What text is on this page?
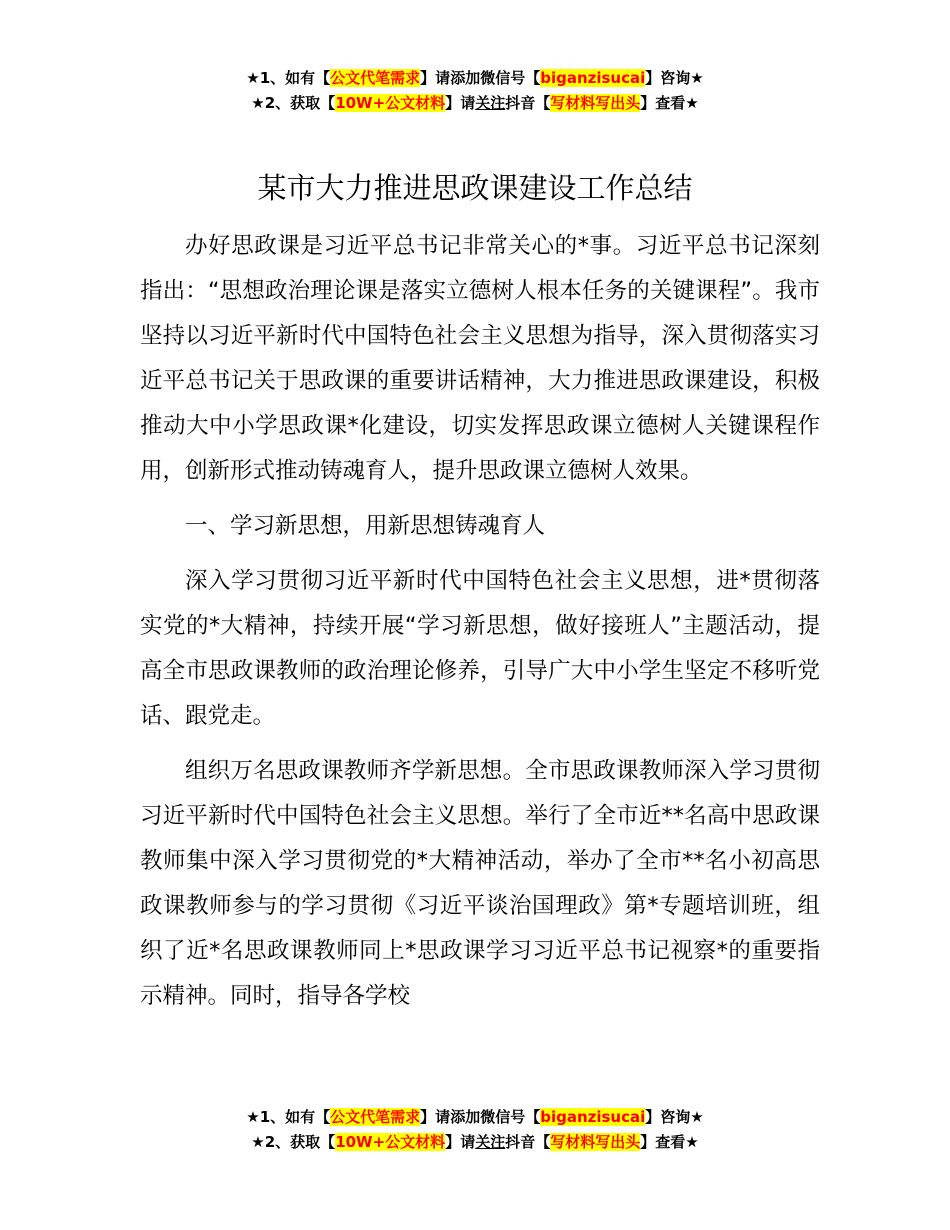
★1、如有【公文代笔需求】请添加微信号【biganzisucai】咨询★
★2、获取【10W+公文材料】请关注抖音【写材料写出头】查看★
某市大力推进思政课建设工作总结

办好思政课是习近平总书记非常关心的*事。习近平总书记深刻指出：“思想政治理论课是落实立德树人根本任务的关键课程”。我市坚持以习近平新时代中国特色社会主义思想为指导，深入贯彻落实习近平总书记关于思政课的重要讲话精神，大力推进思政课建设，积极推动大中小学思政课*化建设，切实发挥思政课立德树人关键课程作用，创新形式推动铸魂育人，提升思政课立德树人效果。

一、学习新思想，用新思想铸魂育人

深入学习贯彻习近平新时代中国特色社会主义思想，进*贯彻落实党的*大精神，持续开展“学习新思想，做好接班人”主题活动，提高全市思政课教师的政治理论修养，引导广大中小学生坚定不移听党话、跟党走。

组织万名思政课教师齐学新思想。全市思政课教师深入学习贯彻习近平新时代中国特色社会主义思想。举行了全市近**名高中思政课教师集中深入学习贯彻党的*大精神活动，举办了全市**名小初高思政课教师参与的学习贯彻《习近平谈治国理政》第*专题培训班，组织了近*名思政课教师同上*思政课学习习近平总书记视察*的重要指示精神。同时，指导各学校

★1、如有【公文代笔需求】请添加微信号【biganzisucai】咨询★
★2、获取【10W+公文材料】请关注抖音【写材料写出头】查看★
